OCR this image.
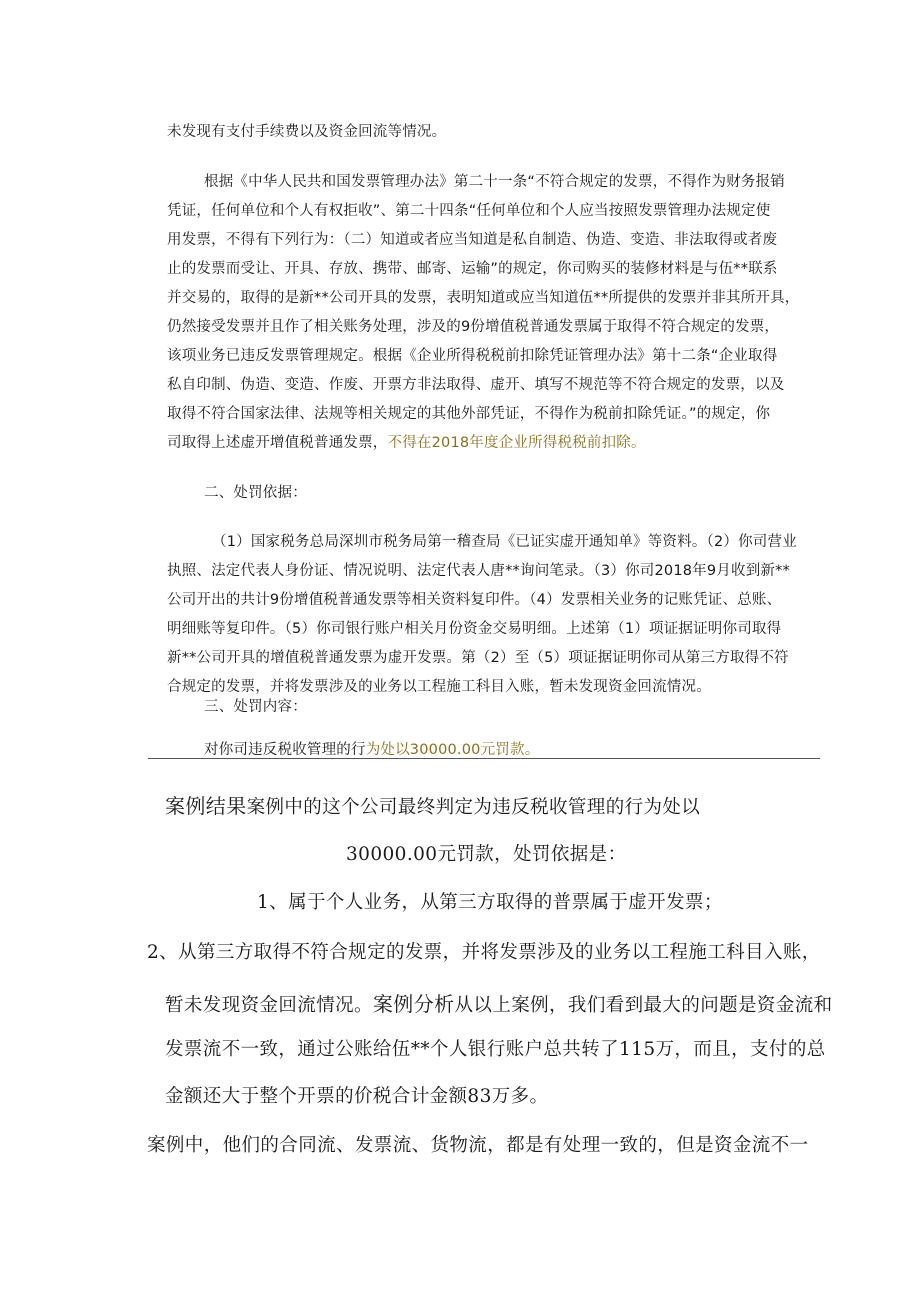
未发现有支付手续费以及资金回流等情况。
根据《中华人民共和国发票管理办法》第二十一条“不符合规定的发票，不得作为财务报销
凭证，任何单位和个人有权拒收”、第二十四条“任何单位和个人应当按照发票管理办法规定使
用发票，不得有下列行为：（二）知道或者应当知道是私自制造、伪造、变造、非法取得或者废
止的发票而受让、开具、存放、携带、邮寄、运输”的规定，你司购买的装修材料是与伍**联系
并交易的，取得的是新**公司开具的发票，表明知道或应当知道伍**所提供的发票并非其所开具，
仍然接受发票并且作了相关账务处理，涉及的9份增值税普通发票属于取得不符合规定的发票，
该项业务已违反发票管理规定。根据《企业所得税税前扣除凭证管理办法》第十二条“企业取得
私自印制、伪造、变造、作废、开票方非法取得、虚开、填写不规范等不符合规定的发票，以及
取得不符合国家法律、法规等相关规定的其他外部凭证，不得作为税前扣除凭证。”的规定，你
司取得上述虚开增值税普通发票，不得在2018年度企业所得税税前扣除。
二、处罚依据：
（1）国家税务总局深圳市税务局第一稽查局《已证实虚开通知单》等资料。（2）你司营业
执照、法定代表人身份证、情况说明、法定代表人唐**询问笔录。（3）你司2018年9月收到新**
公司开出的共计9份增值税普通发票等相关资料复印件。（4）发票相关业务的记账凭证、总账、
明细账等复印件。（5）你司银行账户相关月份资金交易明细。上述第（1）项证据证明你司取得
新**公司开具的增值税普通发票为虚开发票。第（2）至（5）项证据证明你司从第三方取得不符
合规定的发票，并将发票涉及的业务以工程施工科目入账，暂未发现资金回流情况。
三、处罚内容：
对你司违反税收管理的行为处以30000.00元罚款。
案例结果案例中的这个公司最终判定为违反税收管理的行为处以
30000.00元罚款，处罚依据是：
1、属于个人业务，从第三方取得的普票属于虚开发票；
2、从第三方取得不符合规定的发票，并将发票涉及的业务以工程施工科目入账，
暂未发现资金回流情况。案例分析从以上案例，我们看到最大的问题是资金流和
发票流不一致，通过公账给伍**个人银行账户总共转了115万，而且，支付的总
金额还大于整个开票的价税合计金额83万多。
案例中，他们的合同流、发票流、货物流，都是有处理一致的，但是资金流不一
